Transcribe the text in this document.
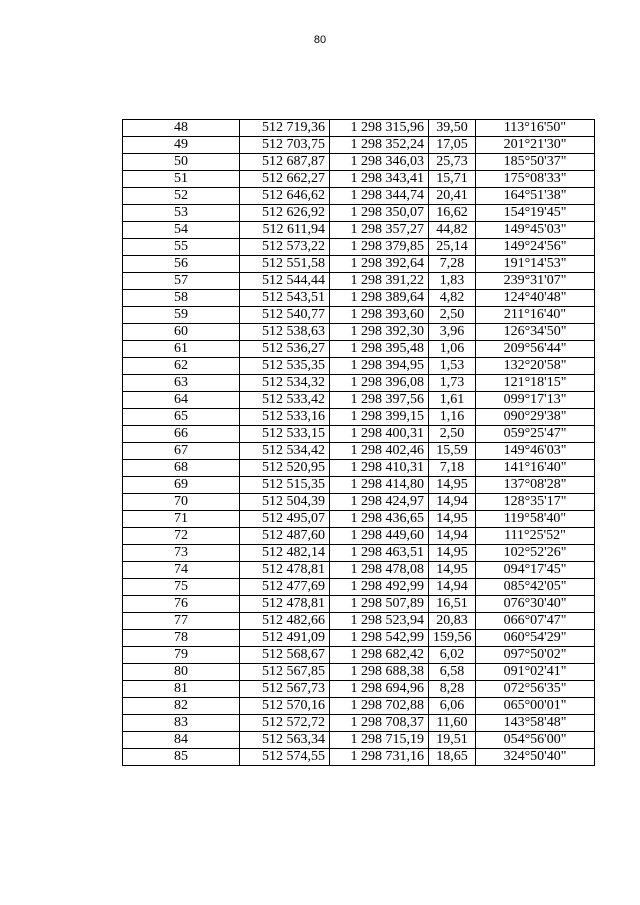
80
48	512 719,36	1 298 315,96	39,50	113°16'50"
49	512 703,75	1 298 352,24	17,05	201°21'30"
50	512 687,87	1 298 346,03	25,73	185°50'37"
51	512 662,27	1 298 343,41	15,71	175°08'33"
52	512 646,62	1 298 344,74	20,41	164°51'38"
53	512 626,92	1 298 350,07	16,62	154°19'45"
54	512 611,94	1 298 357,27	44,82	149°45'03"
55	512 573,22	1 298 379,85	25,14	149°24'56"
56	512 551,58	1 298 392,64	7,28	191°14'53"
57	512 544,44	1 298 391,22	1,83	239°31'07"
58	512 543,51	1 298 389,64	4,82	124°40'48"
59	512 540,77	1 298 393,60	2,50	211°16'40"
60	512 538,63	1 298 392,30	3,96	126°34'50"
61	512 536,27	1 298 395,48	1,06	209°56'44"
62	512 535,35	1 298 394,95	1,53	132°20'58"
63	512 534,32	1 298 396,08	1,73	121°18'15"
64	512 533,42	1 298 397,56	1,61	099°17'13"
65	512 533,16	1 298 399,15	1,16	090°29'38"
66	512 533,15	1 298 400,31	2,50	059°25'47"
67	512 534,42	1 298 402,46	15,59	149°46'03"
68	512 520,95	1 298 410,31	7,18	141°16'40"
69	512 515,35	1 298 414,80	14,95	137°08'28"
70	512 504,39	1 298 424,97	14,94	128°35'17"
71	512 495,07	1 298 436,65	14,95	119°58'40"
72	512 487,60	1 298 449,60	14,94	111°25'52"
73	512 482,14	1 298 463,51	14,95	102°52'26"
74	512 478,81	1 298 478,08	14,95	094°17'45"
75	512 477,69	1 298 492,99	14,94	085°42'05"
76	512 478,81	1 298 507,89	16,51	076°30'40"
77	512 482,66	1 298 523,94	20,83	066°07'47"
78	512 491,09	1 298 542,99	159,56	060°54'29"
79	512 568,67	1 298 682,42	6,02	097°50'02"
80	512 567,85	1 298 688,38	6,58	091°02'41"
81	512 567,73	1 298 694,96	8,28	072°56'35"
82	512 570,16	1 298 702,88	6,06	065°00'01"
83	512 572,72	1 298 708,37	11,60	143°58'48"
84	512 563,34	1 298 715,19	19,51	054°56'00"
85	512 574,55	1 298 731,16	18,65	324°50'40"
